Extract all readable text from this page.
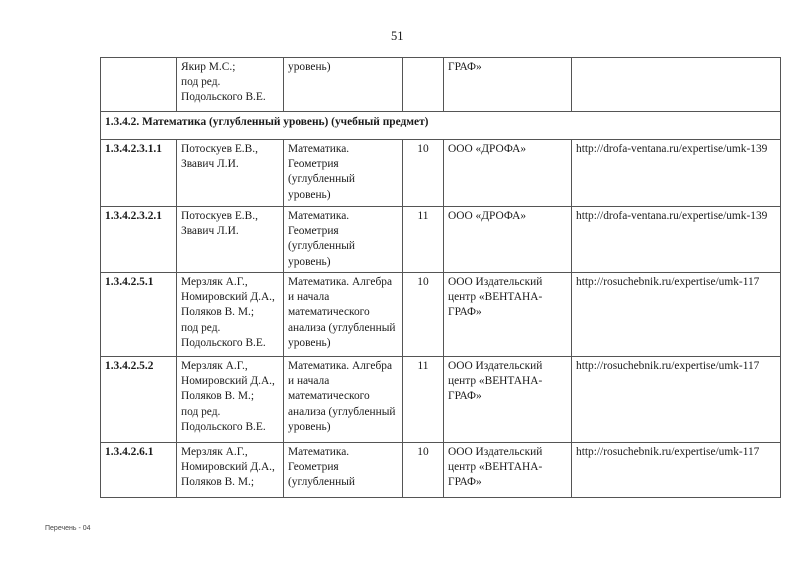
51

	Якир М.С.;
под ред.
Подольского В.Е.	уровень)		ГРАФ»	

1.3.4.2. Математика (углубленный уровень) (учебный предмет)					
1.3.4.2.3.1.1	Потоскуев Е.В.,
Звавич Л.И.	Математика.
Геометрия
(углубленный
уровень)	10	ООО «ДРОФА»	http://drofa-ventana.ru/expertise/umk-139
1.3.4.2.3.2.1	Потоскуев Е.В.,
Звавич Л.И.	Математика.
Геометрия
(углубленный
уровень)	11	ООО «ДРОФА»	http://drofa-ventana.ru/expertise/umk-139
1.3.4.2.5.1	Мерзляк А.Г.,
Номировский Д.А.,
Поляков В. М.;
под ред.
Подольского В.Е.	Математика. Алгебра
и начала
математического
анализа (углубленный
уровень)	10	ООО Издательский
центр «ВЕНТАНА-
ГРАФ»	http://rosuchebnik.ru/expertise/umk-117
1.3.4.2.5.2	Мерзляк А.Г.,
Номировский Д.А.,
Поляков В. М.;
под ред.
Подольского В.Е.	Математика. Алгебра
и начала
математического
анализа (углубленный
уровень)	11	ООО Издательский
центр «ВЕНТАНА-
ГРАФ»	http://rosuchebnik.ru/expertise/umk-117
1.3.4.2.6.1	Мерзляк А.Г.,
Номировский Д.А.,
Поляков В. М.;	Математика.
Геометрия
(углубленный	10	ООО Издательский
центр «ВЕНТАНА-
ГРАФ»	http://rosuchebnik.ru/expertise/umk-117
Перечень - 04
